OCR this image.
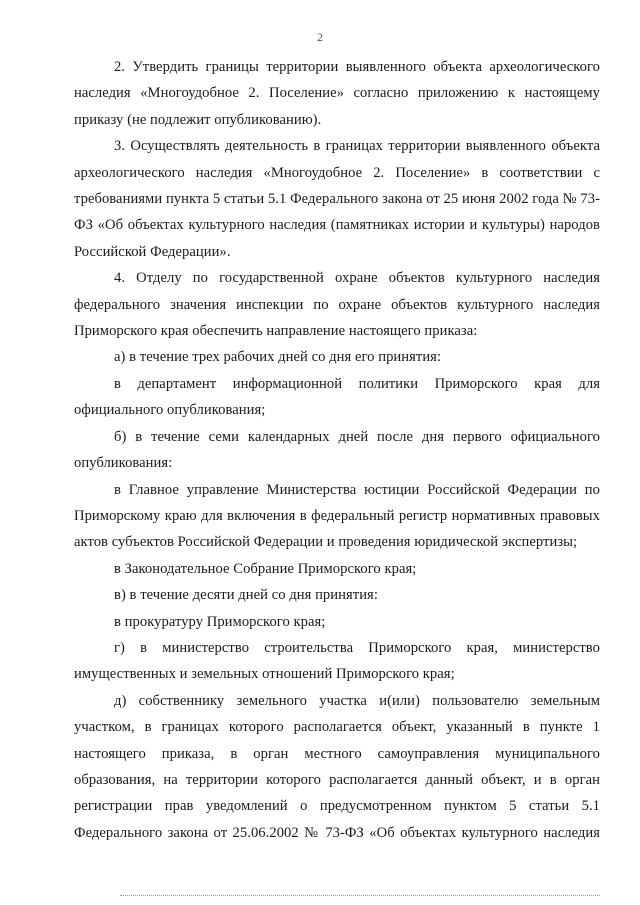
2

2. Утвердить границы территории выявленного объекта археологического наследия «Многоудобное 2. Поселение» согласно приложению к настоящему приказу (не подлежит опубликованию).

3. Осуществлять деятельность в границах территории выявленного объекта археологического наследия «Многоудобное 2. Поселение» в соответствии с требованиями пункта 5 статьи 5.1 Федерального закона от 25 июня 2002 года № 73-ФЗ «Об объектах культурного наследия (памятниках истории и культуры) народов Российской Федерации».

4. Отделу по государственной охране объектов культурного наследия федерального значения инспекции по охране объектов культурного наследия Приморского края обеспечить направление настоящего приказа:

а) в течение трех рабочих дней со дня его принятия:

в департамент информационной политики Приморского края для официального опубликования;

б) в течение семи календарных дней после дня первого официального опубликования:

в Главное управление Министерства юстиции Российской Федерации по Приморскому краю для включения в федеральный регистр нормативных правовых актов субъектов Российской Федерации и проведения юридической экспертизы;

в Законодательное Собрание Приморского края;

в) в течение десяти дней со дня принятия:

в прокуратуру Приморского края;

г) в министерство строительства Приморского края, министерство имущественных и земельных отношений Приморского края;

д) собственнику земельного участка и(или) пользователю земельным участком, в границах которого располагается объект, указанный в пункте 1 настоящего приказа, в орган местного самоуправления муниципального образования, на территории которого располагается данный объект, и в орган регистрации прав уведомлений о предусмотренном пунктом 5 статьи 5.1 Федерального закона от 25.06.2002 № 73-ФЗ «Об объектах культурного наследия
